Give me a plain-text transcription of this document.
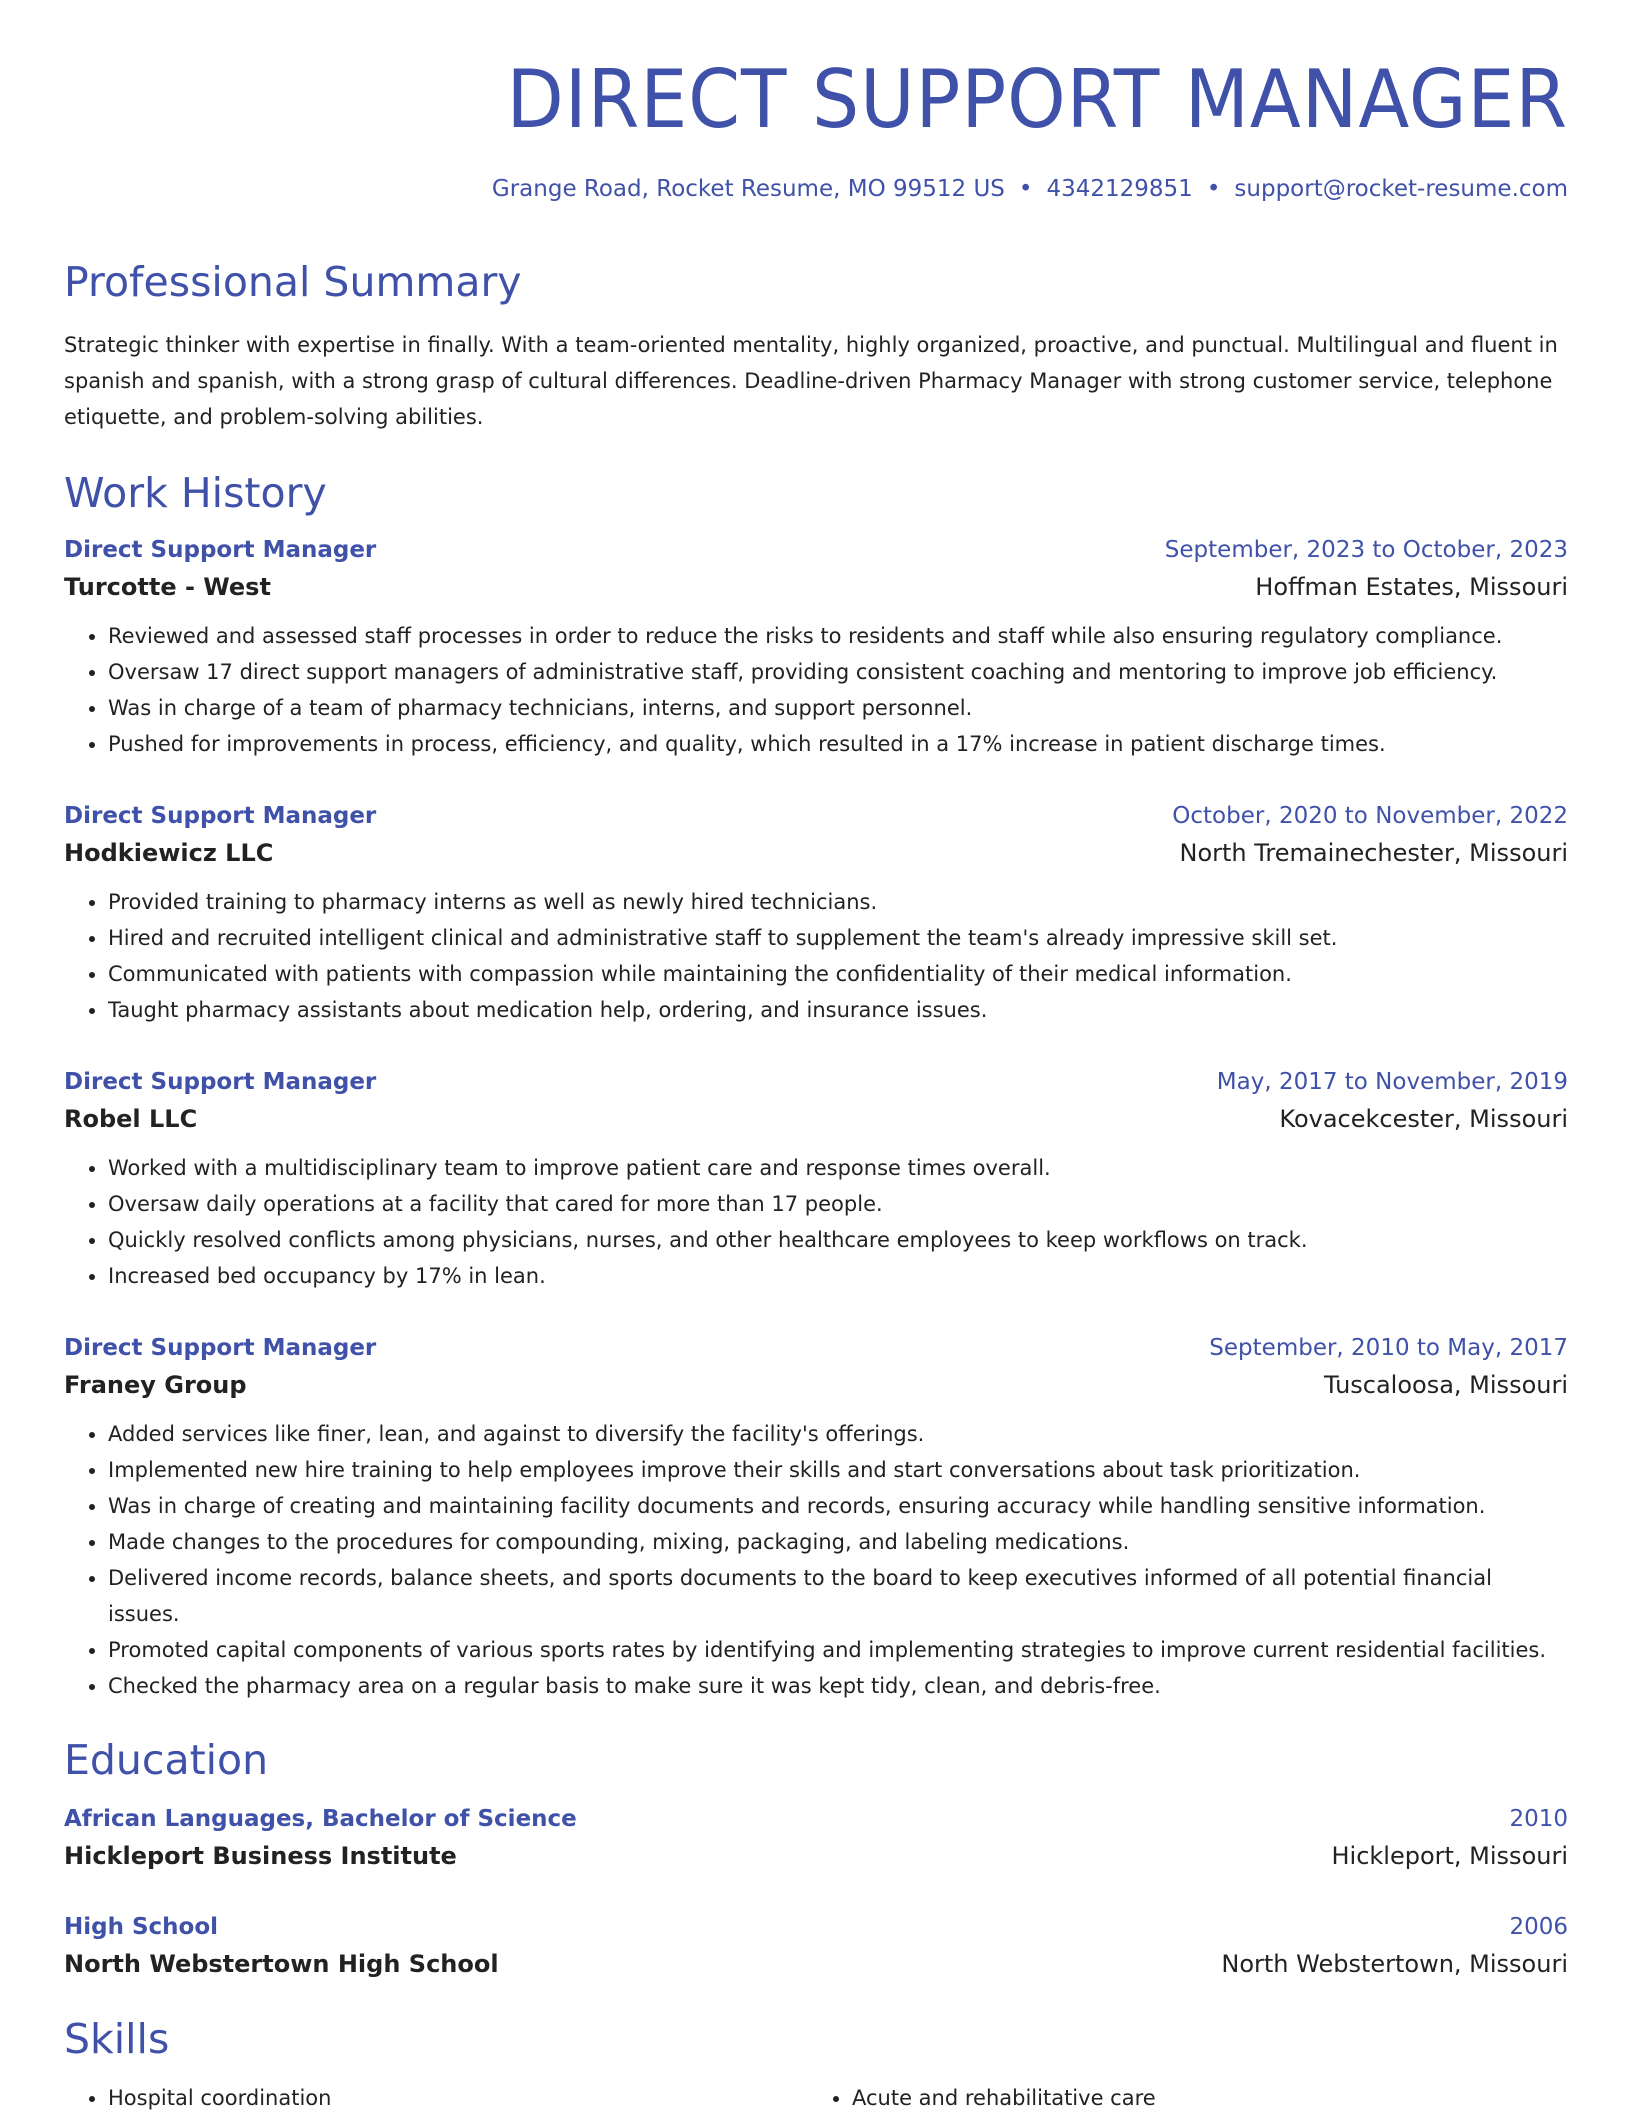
DIRECT SUPPORT MANAGER
Grange Road, Rocket Resume, MO 99512 US • 4342129851 • support@rocket-resume.com
Professional Summary

Strategic thinker with expertise in finally. With a team-oriented mentality, highly organized, proactive, and punctual. Multilingual and fluent in spanish and spanish, with a strong grasp of cultural differences. Deadline-driven Pharmacy Manager with strong customer service, telephone etiquette, and problem-solving abilities.

Work History
Direct Support Manager	September, 2023 to October, 2023
Turcotte - West	Hoffman Estates, Missouri
• Reviewed and assessed staff processes in order to reduce the risks to residents and staff while also ensuring regulatory compliance.
• Oversaw 17 direct support managers of administrative staff, providing consistent coaching and mentoring to improve job efficiency.
• Was in charge of a team of pharmacy technicians, interns, and support personnel.
• Pushed for improvements in process, efficiency, and quality, which resulted in a 17% increase in patient discharge times.
Direct Support Manager	October, 2020 to November, 2022
Hodkiewicz LLC	North Tremainechester, Missouri
• Provided training to pharmacy interns as well as newly hired technicians.
• Hired and recruited intelligent clinical and administrative staff to supplement the team's already impressive skill set.
• Communicated with patients with compassion while maintaining the confidentiality of their medical information.
• Taught pharmacy assistants about medication help, ordering, and insurance issues.
Direct Support Manager	May, 2017 to November, 2019
Robel LLC	Kovacekcester, Missouri
• Worked with a multidisciplinary team to improve patient care and response times overall.
• Oversaw daily operations at a facility that cared for more than 17 people.
• Quickly resolved conflicts among physicians, nurses, and other healthcare employees to keep workflows on track.
• Increased bed occupancy by 17% in lean.
Direct Support Manager	September, 2010 to May, 2017
Franey Group	Tuscaloosa, Missouri
• Added services like finer, lean, and against to diversify the facility's offerings.
• Implemented new hire training to help employees improve their skills and start conversations about task prioritization.
• Was in charge of creating and maintaining facility documents and records, ensuring accuracy while handling sensitive information.
• Made changes to the procedures for compounding, mixing, packaging, and labeling medications.
• Delivered income records, balance sheets, and sports documents to the board to keep executives informed of all potential financial issues.
• Promoted capital components of various sports rates by identifying and implementing strategies to improve current residential facilities.
• Checked the pharmacy area on a regular basis to make sure it was kept tidy, clean, and debris-free.
Education
African Languages, Bachelor of Science	2010
Hickleport Business Institute	Hickleport, Missouri
High School	2006
North Webstertown High School	North Webstertown, Missouri
Skills
• Hospital coordination
•	Acute and rehabilitative care
